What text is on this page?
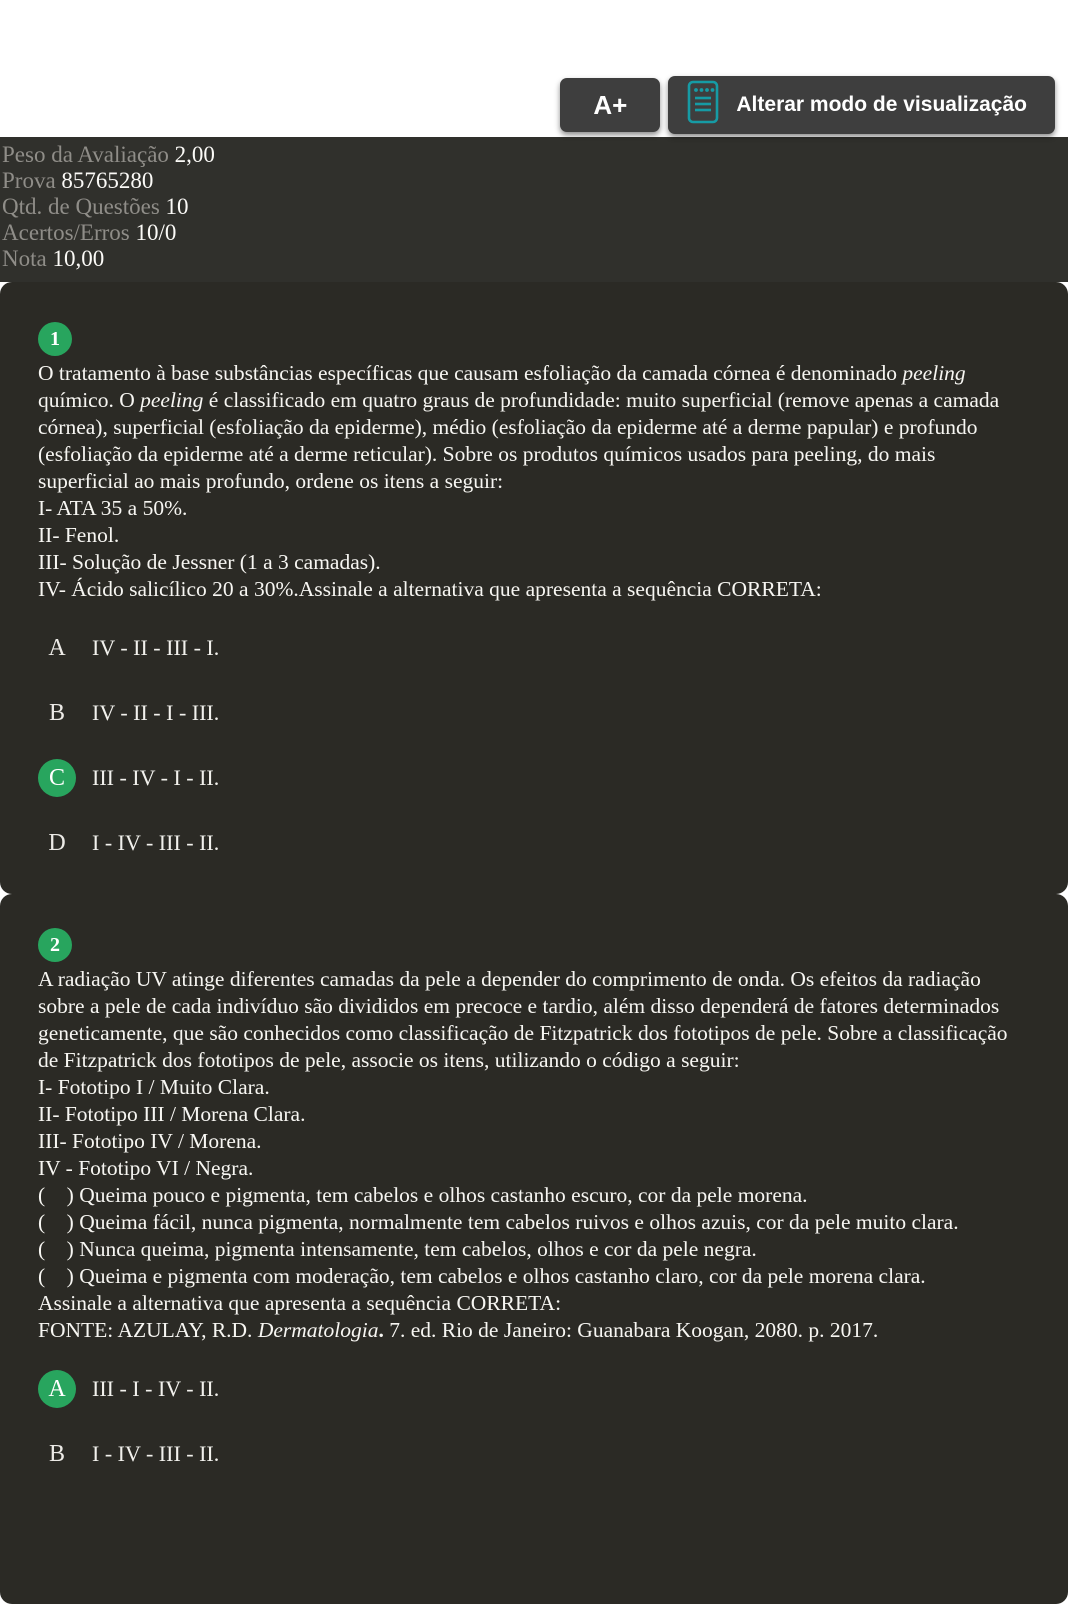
A+	Alterar modo de visualização
Peso da Avaliação 2,00
Prova 85765280
Qtd. de Questões 10
Acertos/Erros 10/0
Nota 10,00
1
O tratamento à base substâncias específicas que causam esfoliação da camada córnea é denominado peeling químico. O peeling é classificado em quatro graus de profundidade: muito superficial (remove apenas a camada córnea), superficial (esfoliação da epiderme), médio (esfoliação da epiderme até a derme papular) e profundo (esfoliação da epiderme até a derme reticular). Sobre os produtos químicos usados para peeling, do mais superficial ao mais profundo, ordene os itens a seguir:
I- ATA 35 a 50%.
II- Fenol.
III- Solução de Jessner (1 a 3 camadas).
IV- Ácido salicílico 20 a 30%.Assinale a alternativa que apresenta a sequência CORRETA:
A	IV - II - III - I.
B	IV - II - I - III.
C	III - IV - I - II.
D	I - IV - III - II.
2
A radiação UV atinge diferentes camadas da pele a depender do comprimento de onda. Os efeitos da radiação sobre a pele de cada indivíduo são divididos em precoce e tardio, além disso dependerá de fatores determinados geneticamente, que são conhecidos como classificação de Fitzpatrick dos fototipos de pele. Sobre a classificação de Fitzpatrick dos fototipos de pele, associe os itens, utilizando o código a seguir:
I- Fototipo I / Muito Clara.
II- Fototipo III / Morena Clara.
III- Fototipo IV / Morena.
IV - Fototipo VI / Negra.
(    ) Queima pouco e pigmenta, tem cabelos e olhos castanho escuro, cor da pele morena.
(    ) Queima fácil, nunca pigmenta, normalmente tem cabelos ruivos e olhos azuis, cor da pele muito clara.
(    ) Nunca queima, pigmenta intensamente, tem cabelos, olhos e cor da pele negra.
(    ) Queima e pigmenta com moderação, tem cabelos e olhos castanho claro, cor da pele morena clara.
Assinale a alternativa que apresenta a sequência CORRETA:
FONTE: AZULAY, R.D. Dermatologia. 7. ed. Rio de Janeiro: Guanabara Koogan, 2080. p. 2017.
A	III - I - IV - II.
B	I - IV - III - II.
